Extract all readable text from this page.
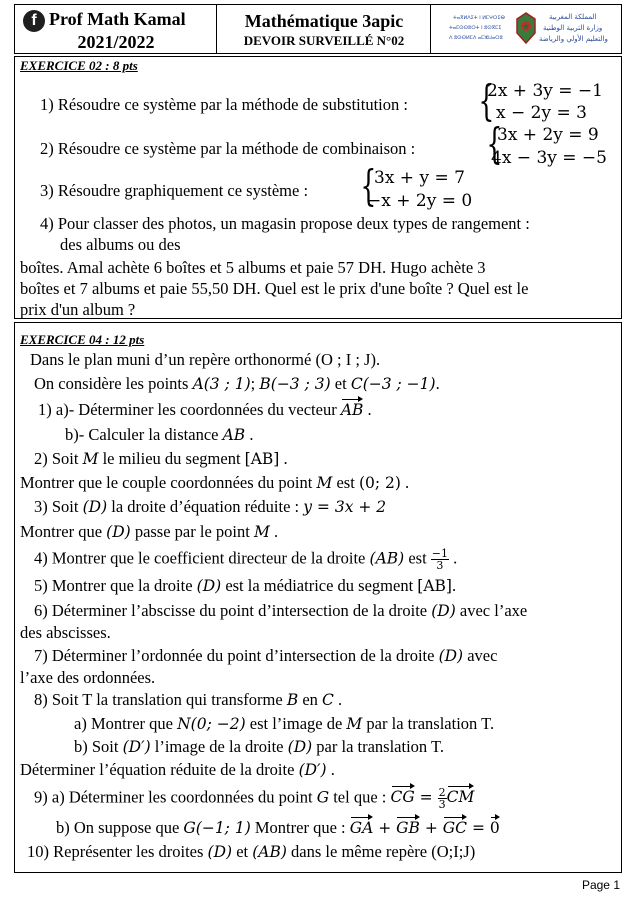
f Prof Math Kamal
2021/2022
Mathématique 3apic
DEVOIR SURVEILLÉ N°02
ⵜⴰⴳⵍⴷⵉⵜ ⵏ ⵍⵎⵖⵔⵉⴱ
ⵜⴰⵎⵙⵙⵓⵔⵜ ⵏ ⵓⵙⴳⵎⵉ
ⴷ ⵓⵙⵙⵍⵎⴷ ⴰⵎⵣⵡⴰⵔⵓ
المملكة المغربية
وزارة التربية الوطنية
والتعليم الأولي والرياضة
EXERCICE 02 : 8 pts
1) Résoudre ce système par la méthode de substitution : {
2x + 3y = −1
x − 2y = 3
2) Résoudre ce système par la méthode de combinaison : {
3x + 2y = 9
4x − 3y = −5
3) Résoudre graphiquement ce système : {
3x + y = 7
−x + 2y = 0
4) Pour classer des photos, un magasin propose deux types de rangement :
des albums ou des
boîtes. Amal achète 6 boîtes et 5 albums et paie 57 DH. Hugo achète 3
boîtes et 7 albums et paie 55,50 DH. Quel est le prix d'une boîte ? Quel est le
prix d'un album ?
EXERCICE 04 : 12 pts
Dans le plan muni d’un repère orthonormé (O ; I ; J).
On considère les points A(3 ; 1); B(−3 ; 3) et C(−3 ; −1).
1) a)- Déterminer les coordonnées du vecteur AB .
b)- Calculer la distance AB .
2) Soit M le milieu du segment [AB] .
Montrer que le couple coordonnées du point M est (0; 2) .
3) Soit (D) la droite d’équation réduite : y = 3x + 2
Montrer que (D) passe par le point M .
4) Montrer que le coefficient directeur de la droite (AB) est $\frac{-1}{3}$ .
5) Montrer que la droite (D) est la médiatrice du segment [AB].
6) Déterminer l’abscisse du point d’intersection de la droite (D) avec l’axe
des abscisses.
7) Déterminer l’ordonnée du point d’intersection de la droite (D) avec
l’axe des ordonnées.
8) Soit T la translation qui transforme B en C .
a) Montrer que N(0; −2) est l’image de M par la translation T.
b) Soit (D′) l’image de la droite (D) par la translation T.
Déterminer l’équation réduite de la droite (D′) .
9) a) Déterminer les coordonnées du point G tel que : CG = $\frac{2}{3}$ CM
b) On suppose que G(−1; 1) Montrer que : GA + GB + GC = 0
10) Représenter les droites (D) et (AB) dans le même repère (O;I;J)
Page 1
